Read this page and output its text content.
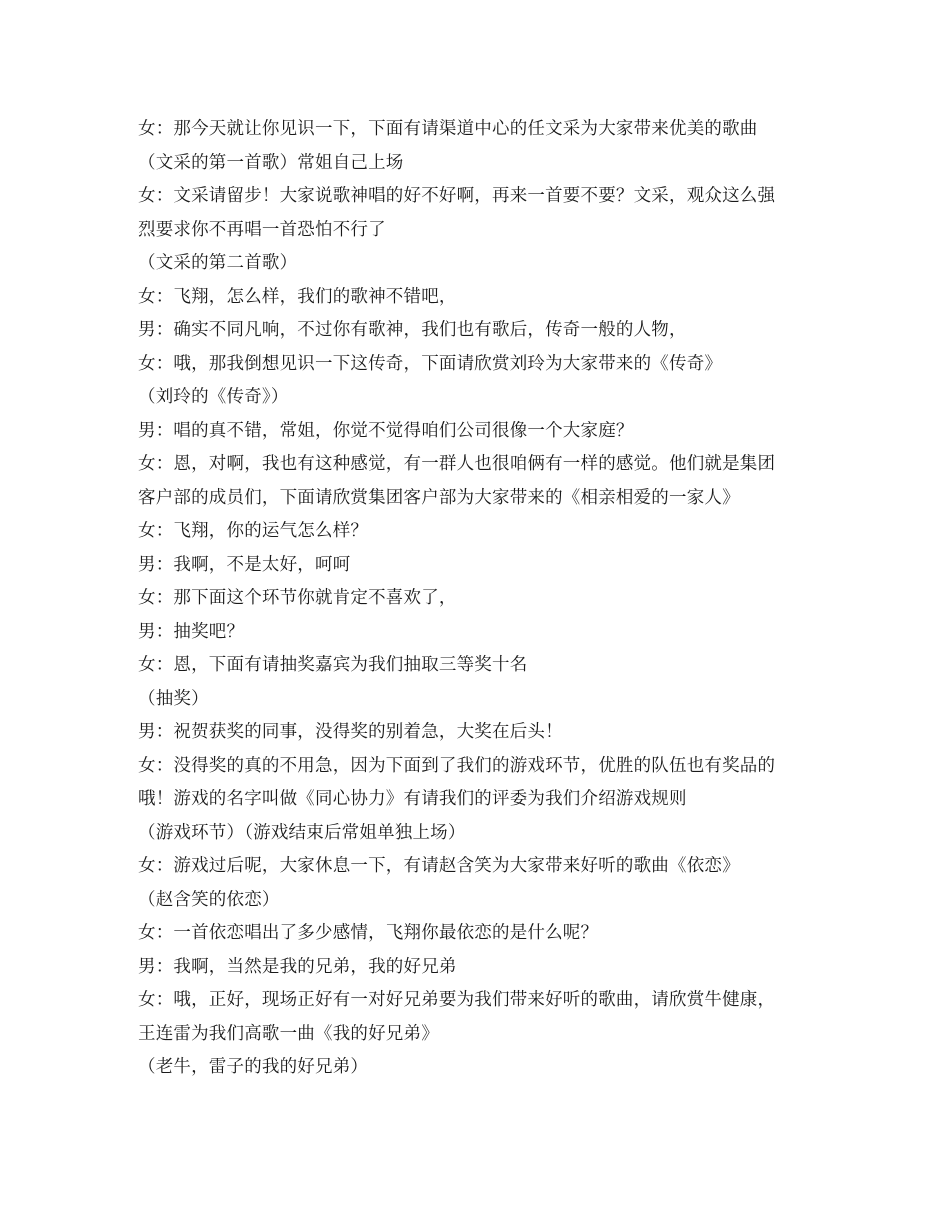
女：那今天就让你见识一下，下面有请渠道中心的任文采为大家带来优美的歌曲
（文采的第一首歌）常姐自己上场
女：文采请留步！大家说歌神唱的好不好啊，再来一首要不要？文采，观众这么强
烈要求你不再唱一首恐怕不行了
（文采的第二首歌）
女：飞翔，怎么样，我们的歌神不错吧，
男：确实不同凡响，不过你有歌神，我们也有歌后，传奇一般的人物，
女：哦，那我倒想见识一下这传奇，下面请欣赏刘玲为大家带来的《传奇》
（刘玲的《传奇》）
男：唱的真不错，常姐，你觉不觉得咱们公司很像一个大家庭？
女：恩，对啊，我也有这种感觉，有一群人也很咱俩有一样的感觉。他们就是集团
客户部的成员们，下面请欣赏集团客户部为大家带来的《相亲相爱的一家人》
女：飞翔，你的运气怎么样？
男：我啊，不是太好，呵呵
女：那下面这个环节你就肯定不喜欢了，
男：抽奖吧？
女：恩，下面有请抽奖嘉宾为我们抽取三等奖十名
（抽奖）
男：祝贺获奖的同事，没得奖的别着急，大奖在后头！
女：没得奖的真的不用急，因为下面到了我们的游戏环节，优胜的队伍也有奖品的
哦！游戏的名字叫做《同心协力》有请我们的评委为我们介绍游戏规则
（游戏环节）（游戏结束后常姐单独上场）
女：游戏过后呢，大家休息一下，有请赵含笑为大家带来好听的歌曲《依恋》
（赵含笑的依恋）
女：一首依恋唱出了多少感情，飞翔你最依恋的是什么呢？
男：我啊，当然是我的兄弟，我的好兄弟
女：哦，正好，现场正好有一对好兄弟要为我们带来好听的歌曲，请欣赏牛健康，
王连雷为我们高歌一曲《我的好兄弟》
（老牛，雷子的我的好兄弟）
